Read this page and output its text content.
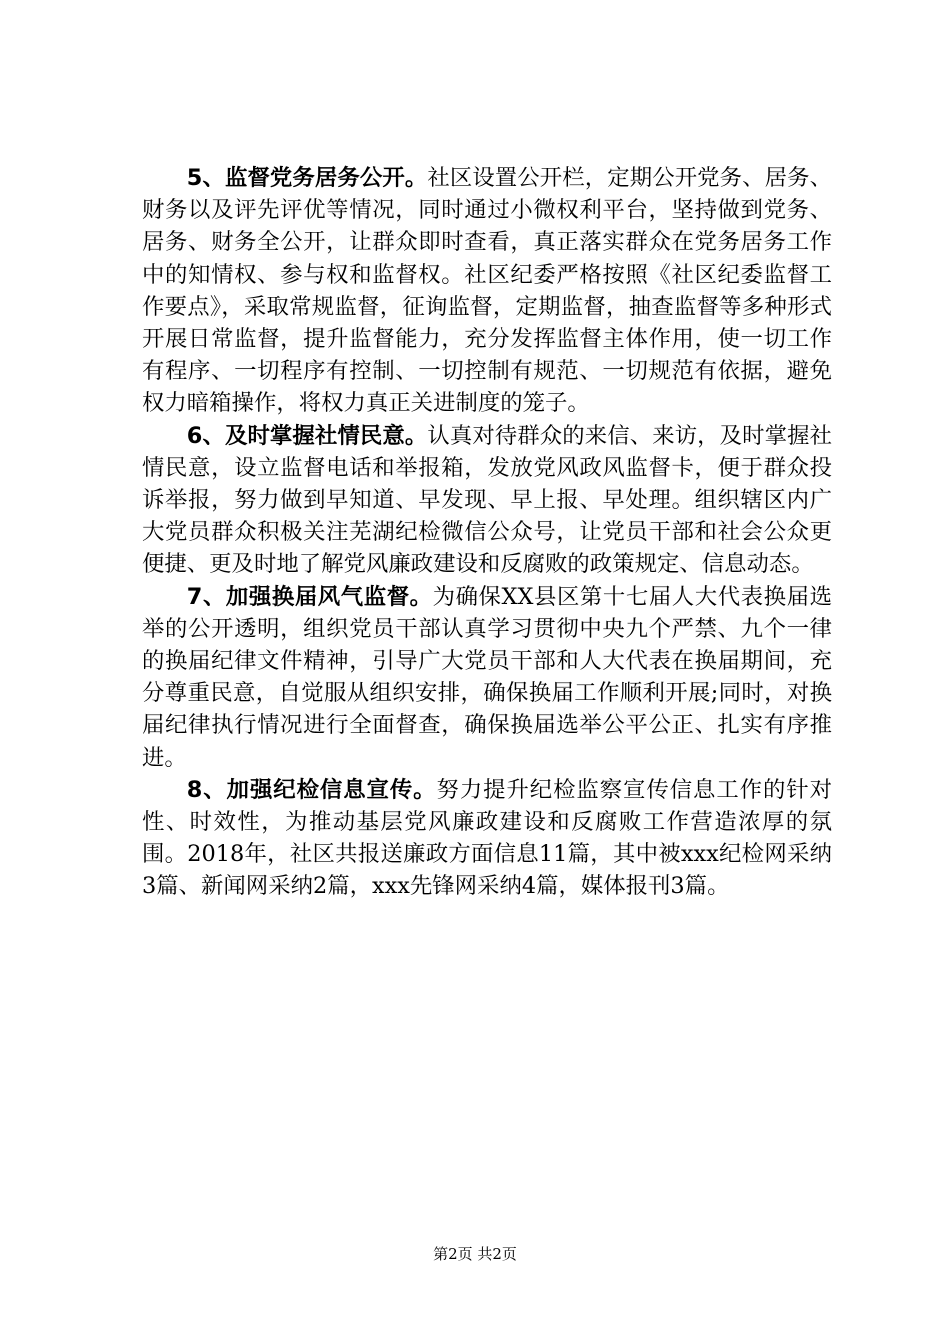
5、监督党务居务公开。社区设置公开栏，定期公开党务、居务、财务以及评先评优等情况，同时通过小微权利平台，坚持做到党务、居务、财务全公开，让群众即时查看，真正落实群众在党务居务工作中的知情权、参与权和监督权。社区纪委严格按照《社区纪委监督工作要点》，采取常规监督，征询监督，定期监督，抽查监督等多种形式开展日常监督，提升监督能力，充分发挥监督主体作用，使一切工作有程序、一切程序有控制、一切控制有规范、一切规范有依据，避免权力暗箱操作，将权力真正关进制度的笼子。

6、及时掌握社情民意。认真对待群众的来信、来访，及时掌握社情民意，设立监督电话和举报箱，发放党风政风监督卡，便于群众投诉举报，努力做到早知道、早发现、早上报、早处理。组织辖区内广大党员群众积极关注芜湖纪检微信公众号，让党员干部和社会公众更便捷、更及时地了解党风廉政建设和反腐败的政策规定、信息动态。

7、加强换届风气监督。为确保XX县区第十七届人大代表换届选举的公开透明，组织党员干部认真学习贯彻中央九个严禁、九个一律的换届纪律文件精神，引导广大党员干部和人大代表在换届期间，充分尊重民意，自觉服从组织安排，确保换届工作顺利开展;同时，对换届纪律执行情况进行全面督查，确保换届选举公平公正、扎实有序推进。

8、加强纪检信息宣传。努力提升纪检监察宣传信息工作的针对性、时效性，为推动基层党风廉政建设和反腐败工作营造浓厚的氛围。2018年，社区共报送廉政方面信息11篇，其中被xxx纪检网采纳3篇、新闻网采纳2篇，xxx先锋网采纳4篇，媒体报刊3篇。

第2页 共2页
